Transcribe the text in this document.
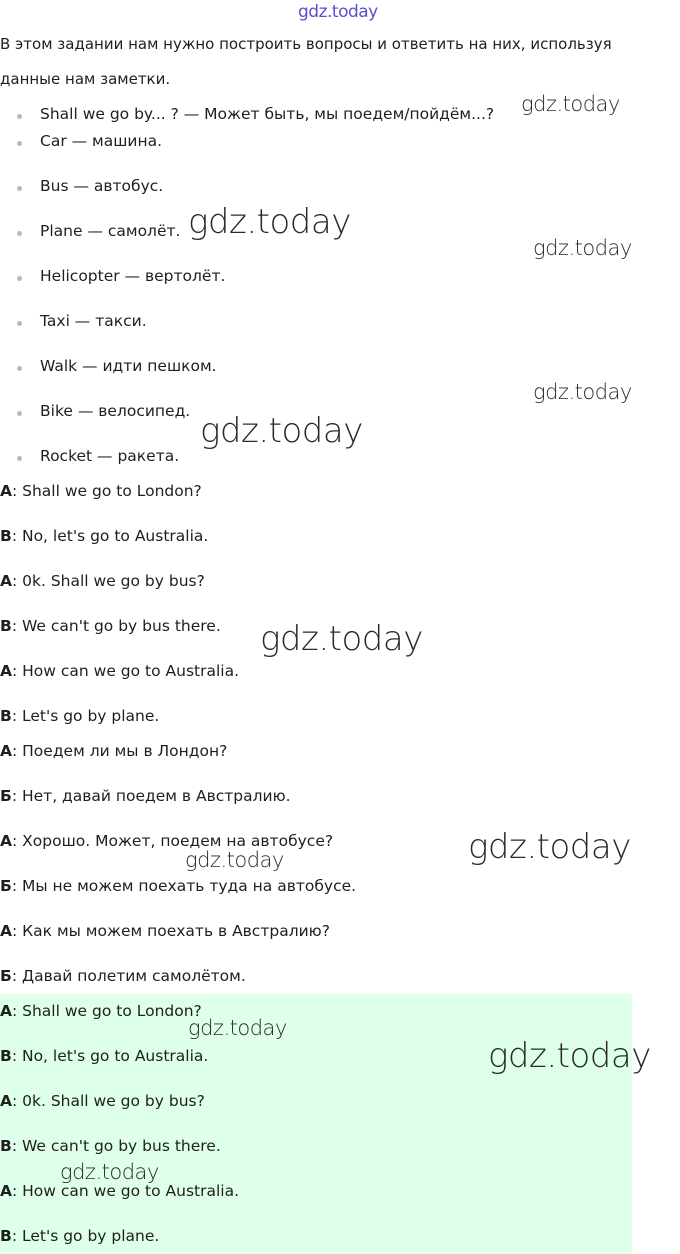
gdz.today
В этом задании нам нужно построить вопросы и ответить на них, используя
данные нам заметки.
Shall we go by... ? — Может быть, мы поедем/пойдём...?
Car — машина.
Bus — автобус.
Plane — самолёт.
Helicopter — вертолёт.
Taxi — такси.
Walk — идти пешком.
Bike — велосипед.
Rocket — ракета.
A: Shall we go to London?
B: No, let's go to Australia.
A: 0k. Shall we go by bus?
B: We can't go by bus there.
A: How can we go to Australia.
B: Let's go by plane.
А: Поедем ли мы в Лондон?
Б: Нет, давай поедем в Австралию.
А: Хорошо. Может, поедем на автобусе?
Б: Мы не можем поехать туда на автобусе.
А: Как мы можем поехать в Австралию?
Б: Давай полетим самолётом.
A: Shall we go to London?
B: No, let's go to Australia.
A: 0k. Shall we go by bus?
B: We can't go by bus there.
A: How can we go to Australia.
B: Let's go by plane.
gdz.today
gdz.today
gdz.today
gdz.today
gdz.today
gdz.today
gdz.today
gdz.today
gdz.today
gdz.today
gdz.today
